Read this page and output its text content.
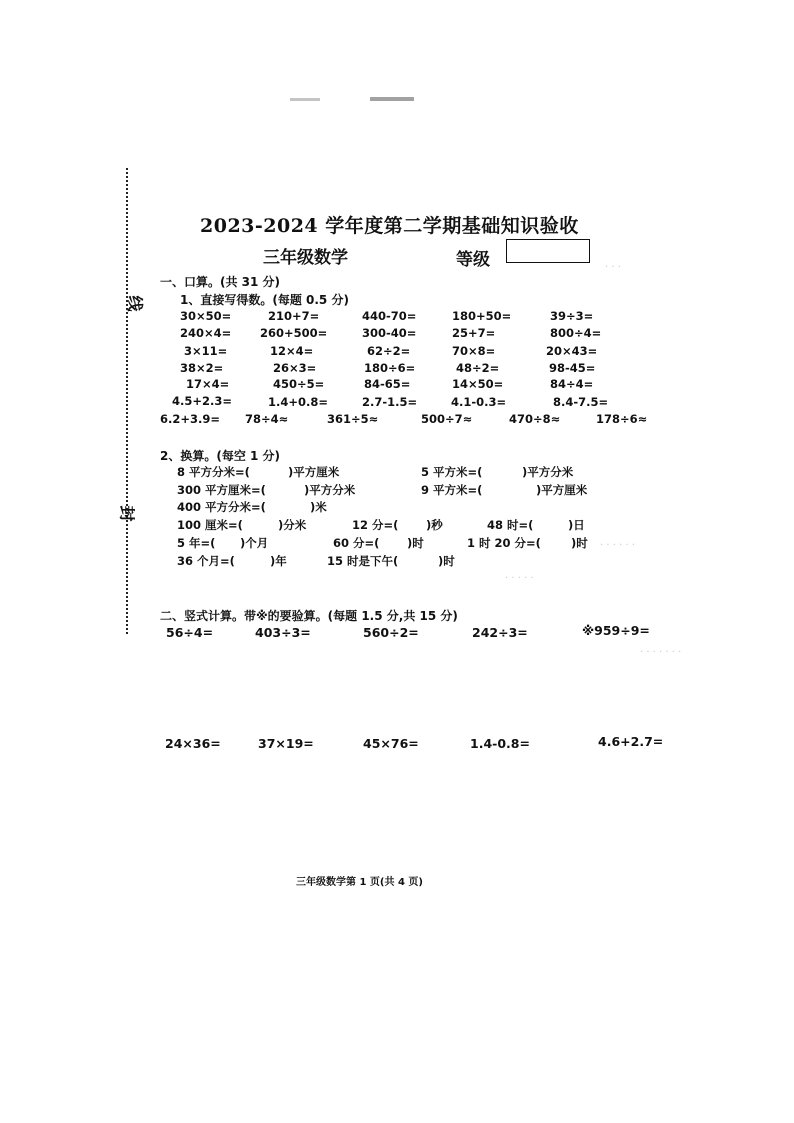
线
封
2023-2024 学年度第二学期基础知识验收
三年级数学	等级
一、口算。(共 31 分)
1、直接写得数。(每题 0.5 分)
30×50=	210+7=	440-70=	180+50=	39÷3=
240×4= 260+500=	300-40=	25+7=	800÷4=
3×11=	12×4=	62÷2=	70×8=	20×43=
38×2=	26×3=	180÷6=	48÷2=	98-45=
17×4=	450÷5=	84-65=	14×50=	84÷4=
4.5+2.3=	1.4+0.8=	2.7-1.5=	4.1-0.3=	8.4-7.5=
6.2+3.9= 78÷4≈	361÷5≈	500÷7≈	470÷8≈	178÷6≈
2、换算。(每空 1 分)
8 平方分米=(	)平方厘米	5 平方米=(	)平方分米
300 平方厘米=(	)平方分米	9 平方米=(	)平方厘米
400 平方分米=(	)米
100 厘米=(	)分米	12 分=( )秒	48 时=(	)日
5 年=( )个月	60 分=( )时	1 时 20 分=(	)时
36 个月=(	)年	15 时是下午(	)时
· · ·
· · · · · ·
· · · · ·
· · · · · · ·
二、竖式计算。带※的要验算。(每题 1.5 分,共 15 分)
56÷4=	403÷3=	560÷2=	242÷3=	※959÷9=
24×36=	37×19=	45×76=	1.4-0.8=	4.6+2.7=
三年级数学第 1 页(共 4 页)
